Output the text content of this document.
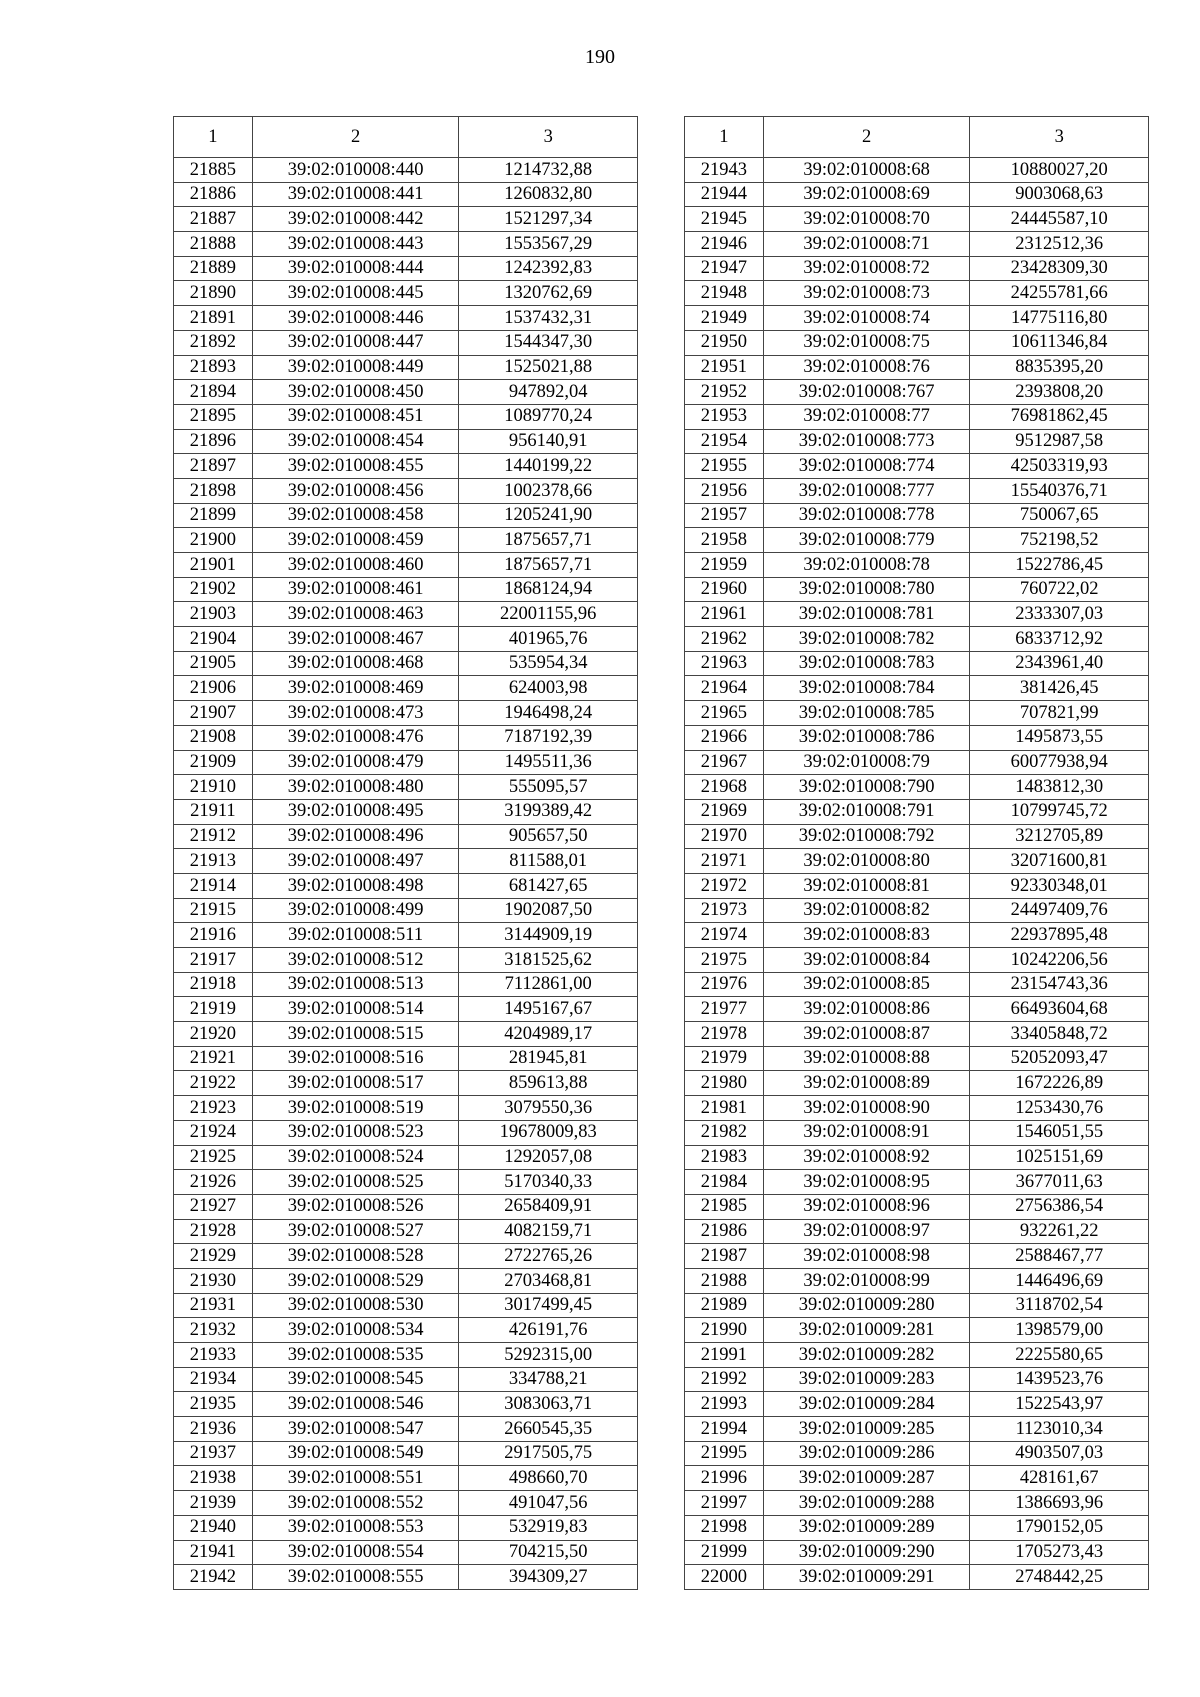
190
1	2	3
21885	39:02:010008:440	1214732,88
21886	39:02:010008:441	1260832,80
21887	39:02:010008:442	1521297,34
21888	39:02:010008:443	1553567,29
21889	39:02:010008:444	1242392,83
21890	39:02:010008:445	1320762,69
21891	39:02:010008:446	1537432,31
21892	39:02:010008:447	1544347,30
21893	39:02:010008:449	1525021,88
21894	39:02:010008:450	947892,04
21895	39:02:010008:451	1089770,24
21896	39:02:010008:454	956140,91
21897	39:02:010008:455	1440199,22
21898	39:02:010008:456	1002378,66
21899	39:02:010008:458	1205241,90
21900	39:02:010008:459	1875657,71
21901	39:02:010008:460	1875657,71
21902	39:02:010008:461	1868124,94
21903	39:02:010008:463	22001155,96
21904	39:02:010008:467	401965,76
21905	39:02:010008:468	535954,34
21906	39:02:010008:469	624003,98
21907	39:02:010008:473	1946498,24
21908	39:02:010008:476	7187192,39
21909	39:02:010008:479	1495511,36
21910	39:02:010008:480	555095,57
21911	39:02:010008:495	3199389,42
21912	39:02:010008:496	905657,50
21913	39:02:010008:497	811588,01
21914	39:02:010008:498	681427,65
21915	39:02:010008:499	1902087,50
21916	39:02:010008:511	3144909,19
21917	39:02:010008:512	3181525,62
21918	39:02:010008:513	7112861,00
21919	39:02:010008:514	1495167,67
21920	39:02:010008:515	4204989,17
21921	39:02:010008:516	281945,81
21922	39:02:010008:517	859613,88
21923	39:02:010008:519	3079550,36
21924	39:02:010008:523	19678009,83
21925	39:02:010008:524	1292057,08
21926	39:02:010008:525	5170340,33
21927	39:02:010008:526	2658409,91
21928	39:02:010008:527	4082159,71
21929	39:02:010008:528	2722765,26
21930	39:02:010008:529	2703468,81
21931	39:02:010008:530	3017499,45
21932	39:02:010008:534	426191,76
21933	39:02:010008:535	5292315,00
21934	39:02:010008:545	334788,21
21935	39:02:010008:546	3083063,71
21936	39:02:010008:547	2660545,35
21937	39:02:010008:549	2917505,75
21938	39:02:010008:551	498660,70
21939	39:02:010008:552	491047,56
21940	39:02:010008:553	532919,83
21941	39:02:010008:554	704215,50
21942	39:02:010008:555	394309,27
1	2	3
21943	39:02:010008:68	10880027,20
21944	39:02:010008:69	9003068,63
21945	39:02:010008:70	24445587,10
21946	39:02:010008:71	2312512,36
21947	39:02:010008:72	23428309,30
21948	39:02:010008:73	24255781,66
21949	39:02:010008:74	14775116,80
21950	39:02:010008:75	10611346,84
21951	39:02:010008:76	8835395,20
21952	39:02:010008:767	2393808,20
21953	39:02:010008:77	76981862,45
21954	39:02:010008:773	9512987,58
21955	39:02:010008:774	42503319,93
21956	39:02:010008:777	15540376,71
21957	39:02:010008:778	750067,65
21958	39:02:010008:779	752198,52
21959	39:02:010008:78	1522786,45
21960	39:02:010008:780	760722,02
21961	39:02:010008:781	2333307,03
21962	39:02:010008:782	6833712,92
21963	39:02:010008:783	2343961,40
21964	39:02:010008:784	381426,45
21965	39:02:010008:785	707821,99
21966	39:02:010008:786	1495873,55
21967	39:02:010008:79	60077938,94
21968	39:02:010008:790	1483812,30
21969	39:02:010008:791	10799745,72
21970	39:02:010008:792	3212705,89
21971	39:02:010008:80	32071600,81
21972	39:02:010008:81	92330348,01
21973	39:02:010008:82	24497409,76
21974	39:02:010008:83	22937895,48
21975	39:02:010008:84	10242206,56
21976	39:02:010008:85	23154743,36
21977	39:02:010008:86	66493604,68
21978	39:02:010008:87	33405848,72
21979	39:02:010008:88	52052093,47
21980	39:02:010008:89	1672226,89
21981	39:02:010008:90	1253430,76
21982	39:02:010008:91	1546051,55
21983	39:02:010008:92	1025151,69
21984	39:02:010008:95	3677011,63
21985	39:02:010008:96	2756386,54
21986	39:02:010008:97	932261,22
21987	39:02:010008:98	2588467,77
21988	39:02:010008:99	1446496,69
21989	39:02:010009:280	3118702,54
21990	39:02:010009:281	1398579,00
21991	39:02:010009:282	2225580,65
21992	39:02:010009:283	1439523,76
21993	39:02:010009:284	1522543,97
21994	39:02:010009:285	1123010,34
21995	39:02:010009:286	4903507,03
21996	39:02:010009:287	428161,67
21997	39:02:010009:288	1386693,96
21998	39:02:010009:289	1790152,05
21999	39:02:010009:290	1705273,43
22000	39:02:010009:291	2748442,25
